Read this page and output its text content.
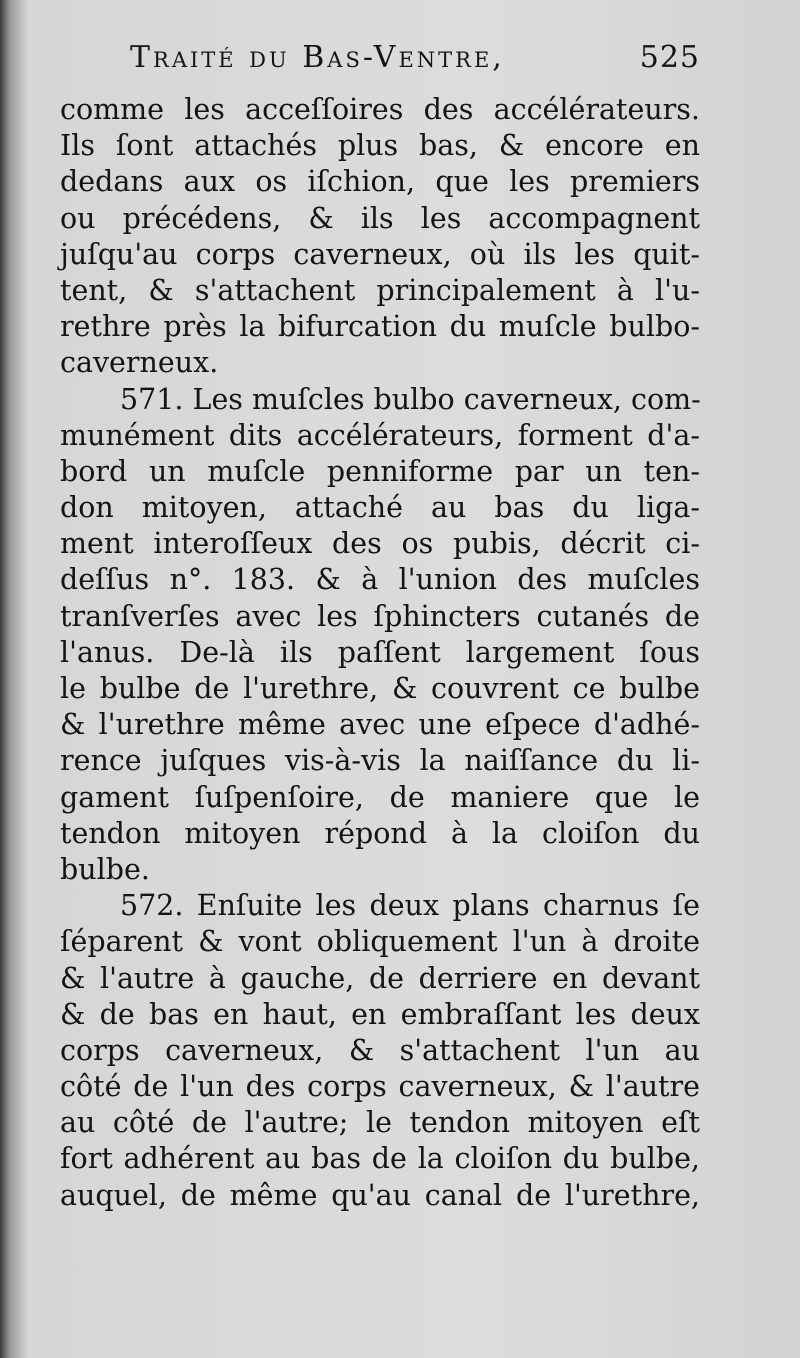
Traité du Bas-Ventre,	525
comme les acceſſoires des accélérateurs.
Ils ſont attachés plus bas, & encore en
dedans aux os iſchion, que les premiers
ou précédens, & ils les accompagnent
juſqu'au corps caverneux, où ils les quit-
tent, & s'attachent principalement à l'u-
rethre près la bifurcation du muſcle bulbo-
caverneux.
571. Les muſcles bulbo caverneux, com-
munément dits accélérateurs, forment d'a-
bord un muſcle penniforme par un ten-
don mitoyen, attaché au bas du liga-
ment interoſſeux des os pubis, décrit ci-
deſſus n°. 183. & à l'union des muſcles
tranſverſes avec les ſphincters cutanés de
l'anus. De-là ils paſſent largement ſous
le bulbe de l'urethre, & couvrent ce bulbe
& l'urethre même avec une eſpece d'adhé-
rence juſques vis-à-vis la naiſſance du li-
gament ſuſpenſoire, de maniere que le
tendon mitoyen répond à la cloiſon du
bulbe.
572. Enſuite les deux plans charnus ſe
ſéparent & vont obliquement l'un à droite
& l'autre à gauche, de derriere en devant
& de bas en haut, en embraſſant les deux
corps caverneux, & s'attachent l'un au
côté de l'un des corps caverneux, & l'autre
au côté de l'autre; le tendon mitoyen eſt
fort adhérent au bas de la cloiſon du bulbe,
auquel, de même qu'au canal de l'urethre,
